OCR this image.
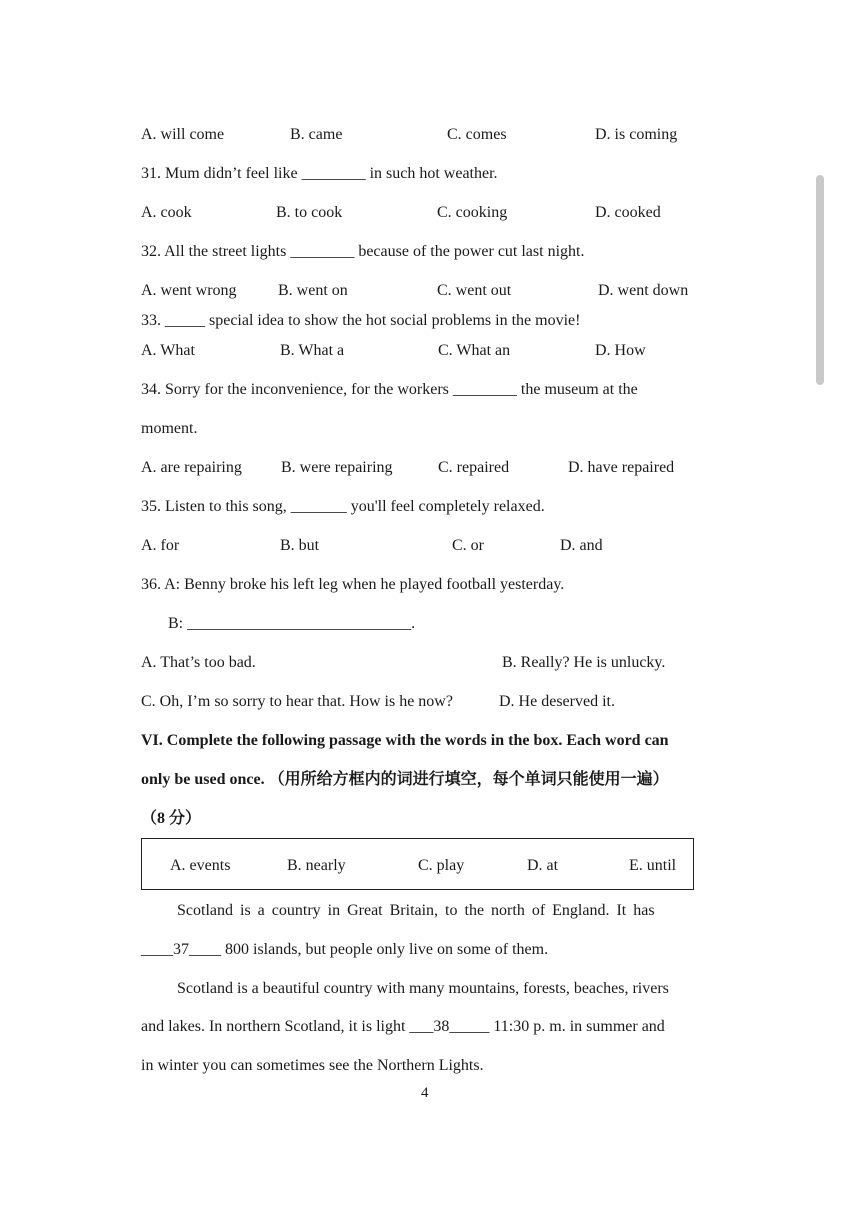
A. will come	B. came	C. comes	D. is coming
31. Mum didn’t feel like ________ in such hot weather.
A. cook	B. to cook	C. cooking	D. cooked
32. All the street lights ________ because of the power cut last night.
A. went wrong	B. went on	C. went out	D. went down
33. _____ special idea to show the hot social problems in the movie!
A. What	B. What a	C. What an	D. How
34. Sorry for the inconvenience, for the workers ________ the museum at the
moment.
A. are repairing B. were repairing	C. repaired	D. have repaired
35. Listen to this song, _______ you'll feel completely relaxed.
A. for	B. but	C. or	D. and
36. A: Benny broke his left leg when he played football yesterday.
B: ____________________________.
A. That’s too bad.	B. Really? He is unlucky.
C. Oh, I’m so sorry to hear that. How is he now?	D. He deserved it.
VI. Complete the following passage with the words in the box. Each word can
only be used once. （用所给方框内的词进行填空，每个单词只能使用一遍）
（8 分）
A. events	B. nearly	C. play	D. at	E. until
Scotland is a country in Great Britain, to the north of England. It has
____37____ 800 islands, but people only live on some of them.
Scotland is a beautiful country with many mountains, forests, beaches, rivers
and lakes. In northern Scotland, it is light ___38_____ 11:30 p. m. in summer and
in winter you can sometimes see the Northern Lights.
4
